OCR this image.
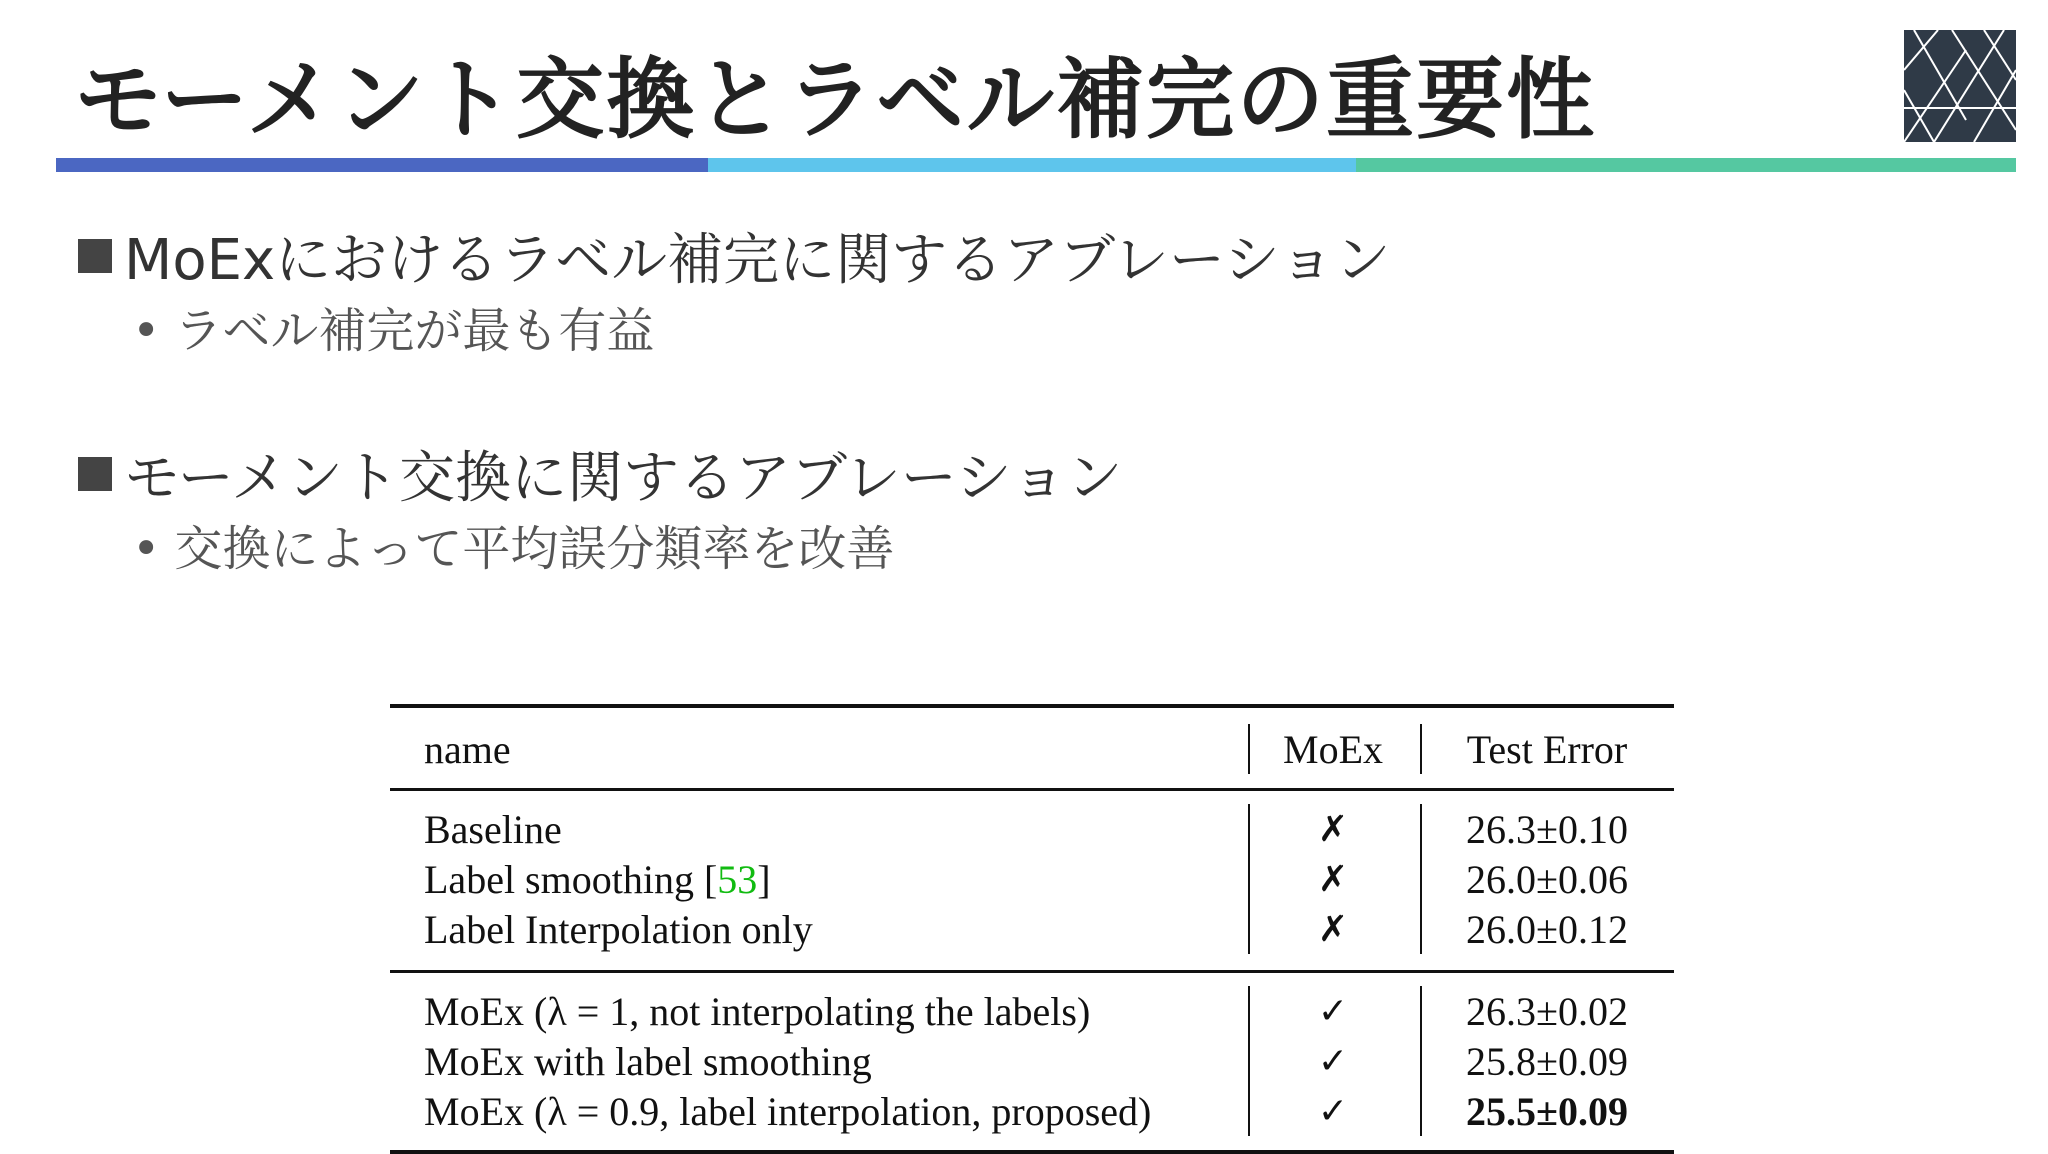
モーメント交換とラベル補完の重要性
MoExにおけるラベル補完に関するアブレーション
• ラベル補完が最も有益
モーメント交換に関するアブレーション
• 交換によって平均誤分類率を改善
name	MoEx	Test Error
Baseline	✗	26.3±0.10
Label smoothing [53]	✗	26.0±0.06
Label Interpolation only	✗	26.0±0.12
MoEx (λ = 1, not interpolating the labels)	✓	26.3±0.02
MoEx with label smoothing	✓	25.8±0.09
MoEx (λ = 0.9, label interpolation, proposed)	✓	25.5±0.09
